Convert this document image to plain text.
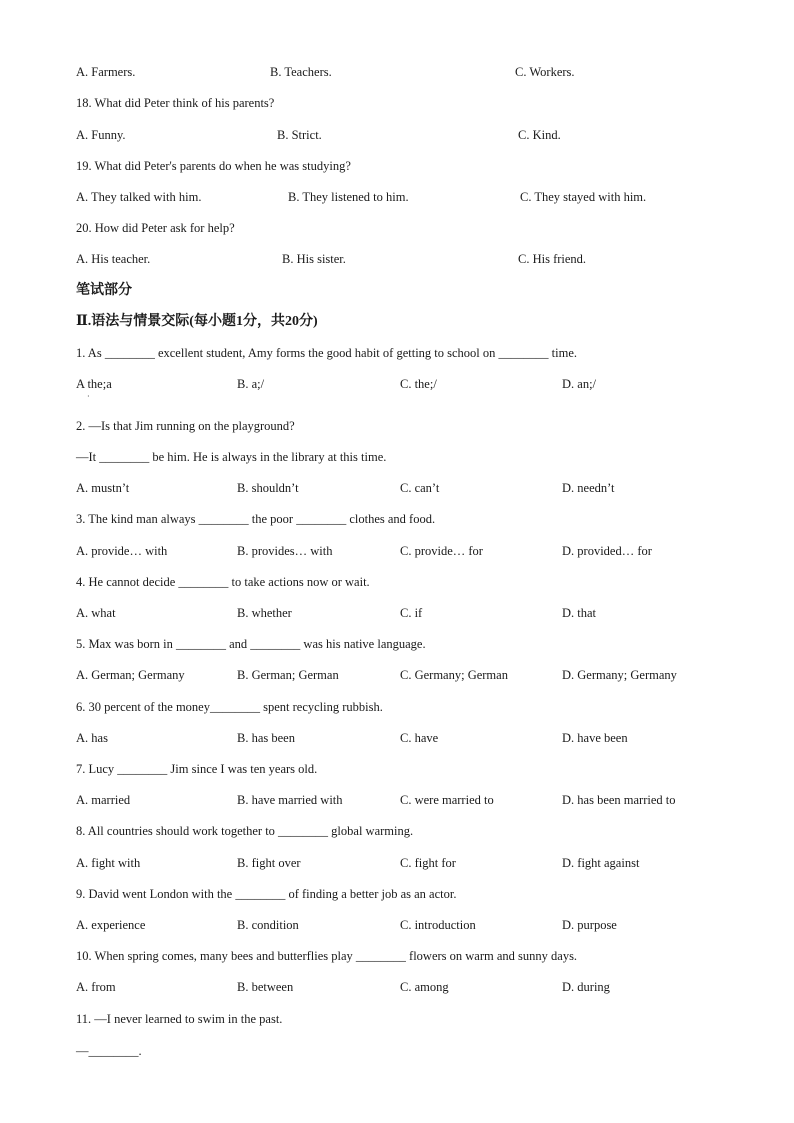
A. Farmers.	B. Teachers.	C. Workers.
18. What did Peter think of his parents?
A. Funny.	B. Strict.	C. Kind.
19. What did Peter's parents do when he was studying?
A. They talked with him.	B. They listened to him.	C. They stayed with him.
20. How did Peter ask for help?
A. His teacher.	B. His sister.	C. His friend.
笔试部分
Ⅱ.语法与情景交际(每小题1分，共20分)
1. As ________ excellent student, Amy forms the good habit of getting to school on ________ time.
A the;a
·
B. a;/	C. the;/	D. an;/
2. —Is that Jim running on the playground?
—It ________ be him. He is always in the library at this time.
A. mustn’t	B. shouldn’t	C. can’t	D. needn’t
3. The kind man always ________ the poor ________ clothes and food.
A. provide… with	B. provides… with	C. provide… for	D. provided… for
4. He cannot decide ________ to take actions now or wait.
A. what	B. whether	C. if	D. that
5. Max was born in ________ and ________ was his native language.
A. German; Germany	B. German; German	C. Germany; German	D. Germany; Germany
6. 30 percent of the money________ spent recycling rubbish.
A. has	B. has been	C. have	D. have been
7. Lucy ________ Jim since I was ten years old.
A. married	B. have married with	C. were married to	D. has been married to
8. All countries should work together to ________ global warming.
A. fight with	B. fight over	C. fight for	D. fight against
9. David went London with the ________ of finding a better job as an actor.
A. experience	B. condition	C. introduction	D. purpose
10. When spring comes, many bees and butterflies play ________ flowers on warm and sunny days.
A. from	B. between	C. among	D. during
11. —I never learned to swim in the past.
—________.
